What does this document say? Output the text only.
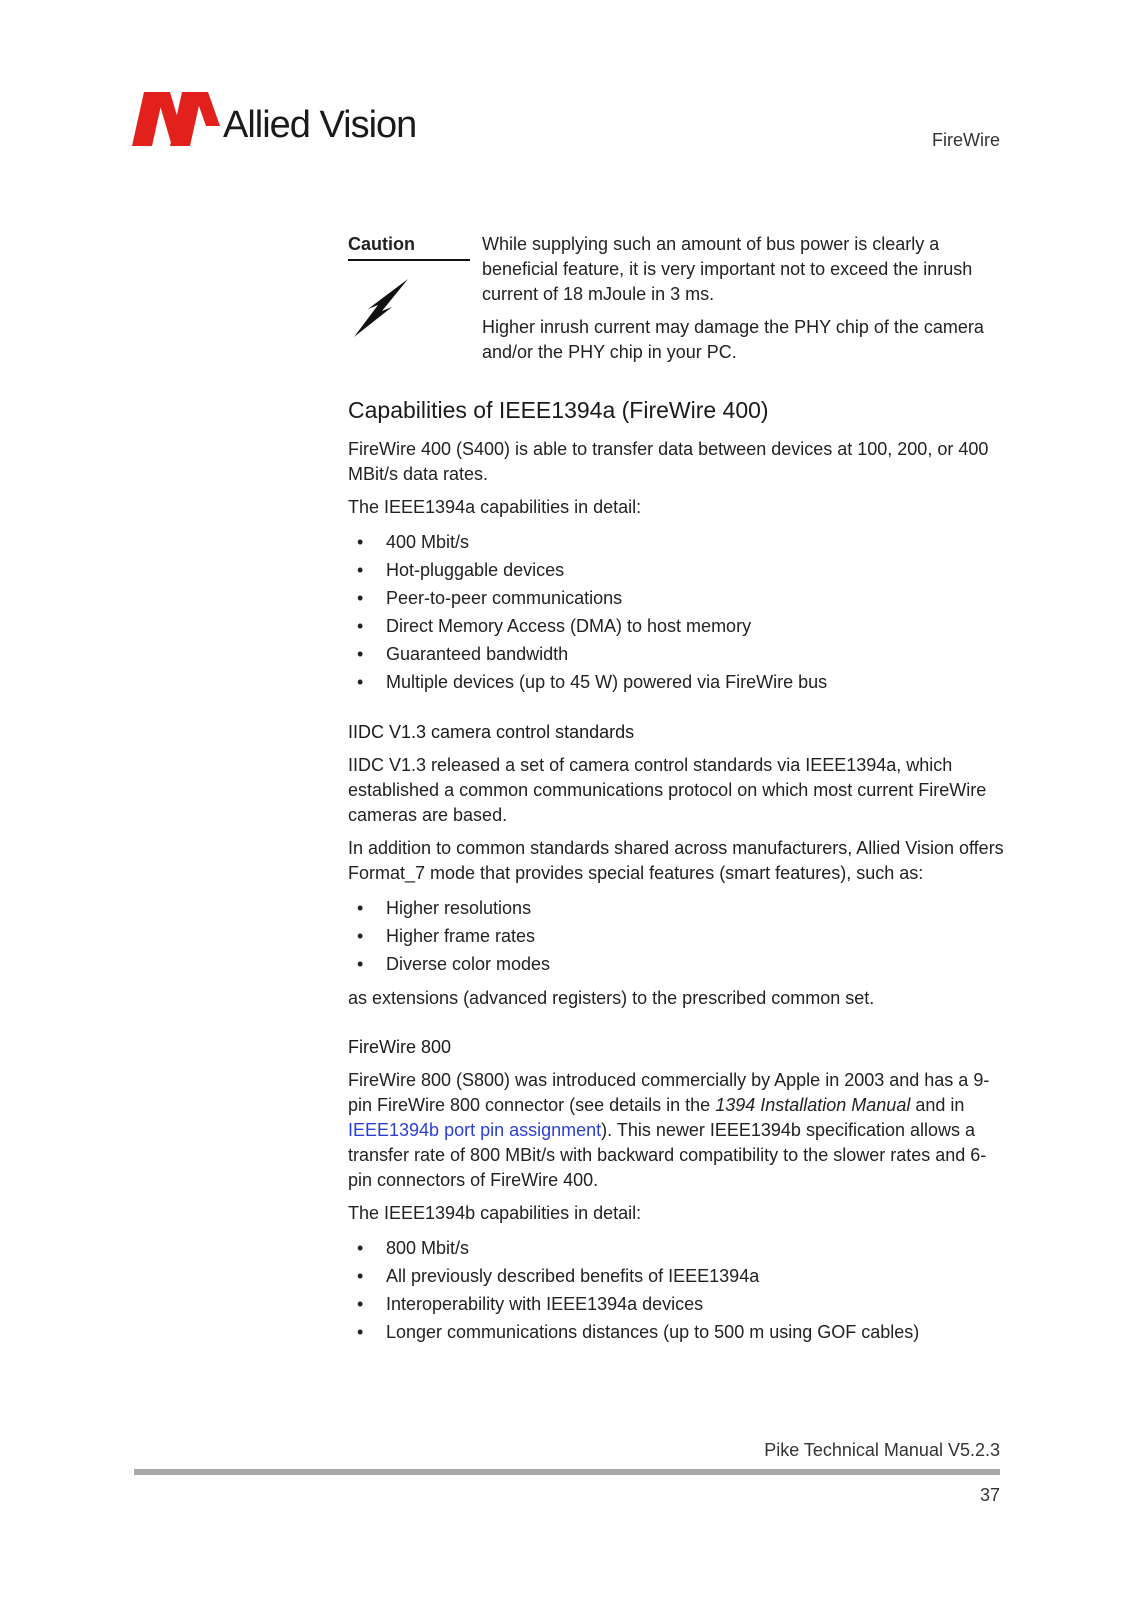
Allied Vision	FireWire
Caution	While supplying such an amount of bus power is clearly a beneficial feature, it is very important not to exceed the inrush current of 18 mJoule in 3 ms.

Higher inrush current may damage the PHY chip of the camera and/or the PHY chip in your PC.

Capabilities of IEEE1394a (FireWire 400)

FireWire 400 (S400) is able to transfer data between devices at 100, 200, or 400 MBit/s data rates.

The IEEE1394a capabilities in detail:

• 400 Mbit/s
• Hot-pluggable devices
• Peer-to-peer communications
• Direct Memory Access (DMA) to host memory
• Guaranteed bandwidth
• Multiple devices (up to 45 W) powered via FireWire bus
IIDC V1.3 camera control standards

IIDC V1.3 released a set of camera control standards via IEEE1394a, which established a common communications protocol on which most current FireWire cameras are based.

In addition to common standards shared across manufacturers, Allied Vision offers Format_7 mode that provides special features (smart features), such as:

• Higher resolutions
• Higher frame rates
• Diverse color modes

as extensions (advanced registers) to the prescribed common set.

FireWire 800

FireWire 800 (S800) was introduced commercially by Apple in 2003 and has a 9-pin FireWire 800 connector (see details in the 1394 Installation Manual and in IEEE1394b port pin assignment). This newer IEEE1394b specification allows a transfer rate of 800 MBit/s with backward compatibility to the slower rates and 6-pin connectors of FireWire 400.

The IEEE1394b capabilities in detail:

• 800 Mbit/s
• All previously described benefits of IEEE1394a
• Interoperability with IEEE1394a devices
• Longer communications distances (up to 500 m using GOF cables)
Pike Technical Manual V5.2.3
37
